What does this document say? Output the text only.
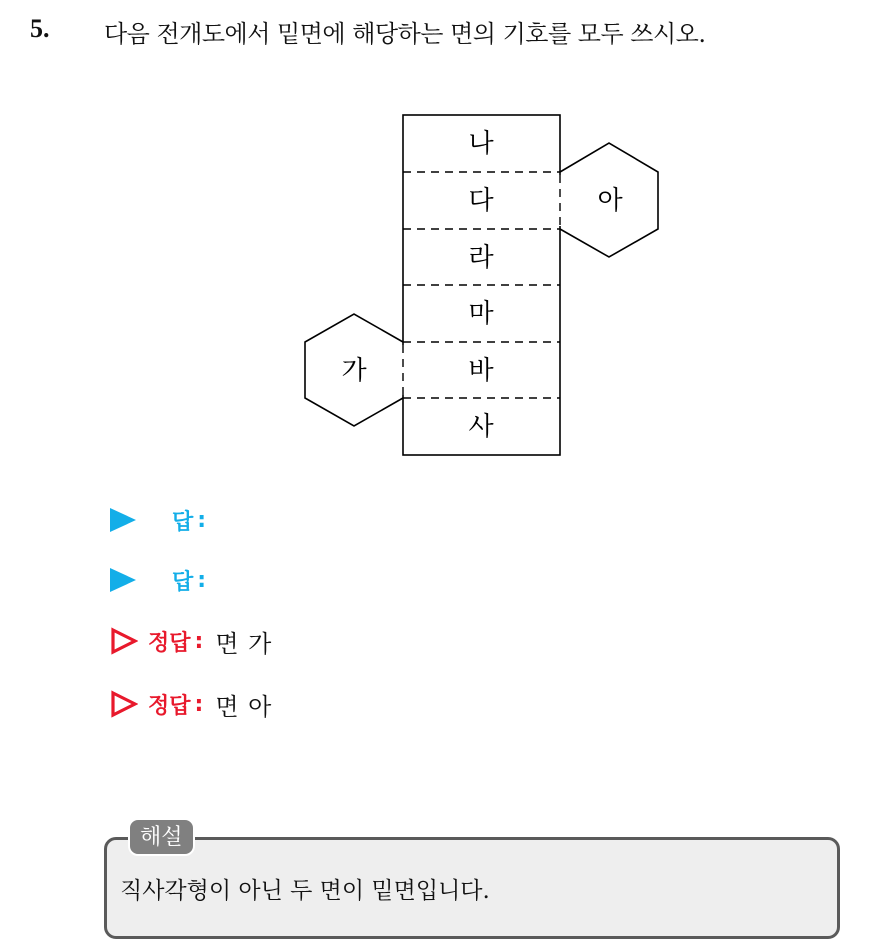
5. 다음 전개도에서 밑면에 해당하는 면의 기호를 모두 쓰시오.
나
다
라
마
바
사
아
가
답 :
답 :
정답 : 면 가
정답 : 면 아
해설
직사각형이 아닌 두 면이 밑면입니다.
